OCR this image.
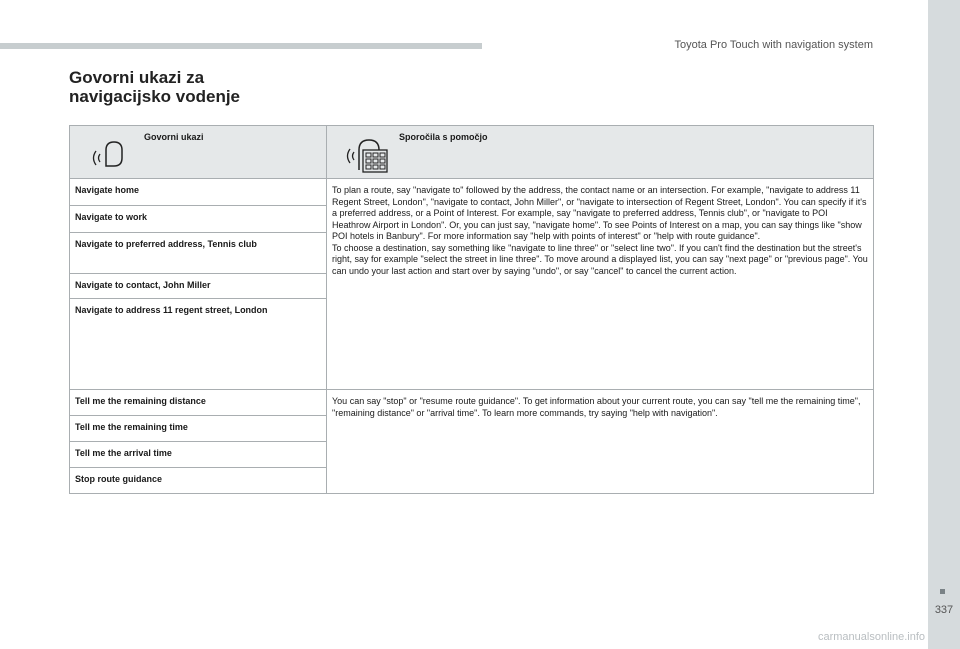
Toyota Pro Touch with navigation system
337
carmanualsonline.info
Govorni ukazi za
navigacijsko vodenje
Govorni ukazi	Sporočila s pomočjo

Navigate home	To plan a route, say "navigate to" followed by the address, the contact name or an intersection. For example, "navigate to address 11 Regent Street, London", "navigate to contact, John Miller", or "navigate to intersection of Regent Street, London". You can specify if it's a preferred address, or a Point of Interest. For example, say "navigate to preferred address, Tennis club", or "navigate to POI Heathrow Airport in London". Or, you can just say, "navigate home". To see Points of Interest on a map, you can say things like "show POI hotels in Banbury". For more information say "help with points of interest" or "help with route guidance".
To choose a destination, say something like "navigate to line three" or "select line two". If you can't find the destination but the street's right, say for example "select the street in line three". To move around a displayed list, you can say "next page" or "previous page". You can undo your last action and start over by saying "undo", or say "cancel" to cancel the current action.

Navigate to work	
Navigate to preferred address, Tennis club	
Navigate to contact, John Miller	
Navigate to address 11 regent street, London	
Tell me the remaining distance	You can say "stop" or "resume route guidance". To get information about your current route, you can say "tell me the remaining time", "remaining distance" or "arrival time". To learn more commands, try saying "help with navigation".
Tell me the remaining time	
Tell me the arrival time	
Stop route guidance	
